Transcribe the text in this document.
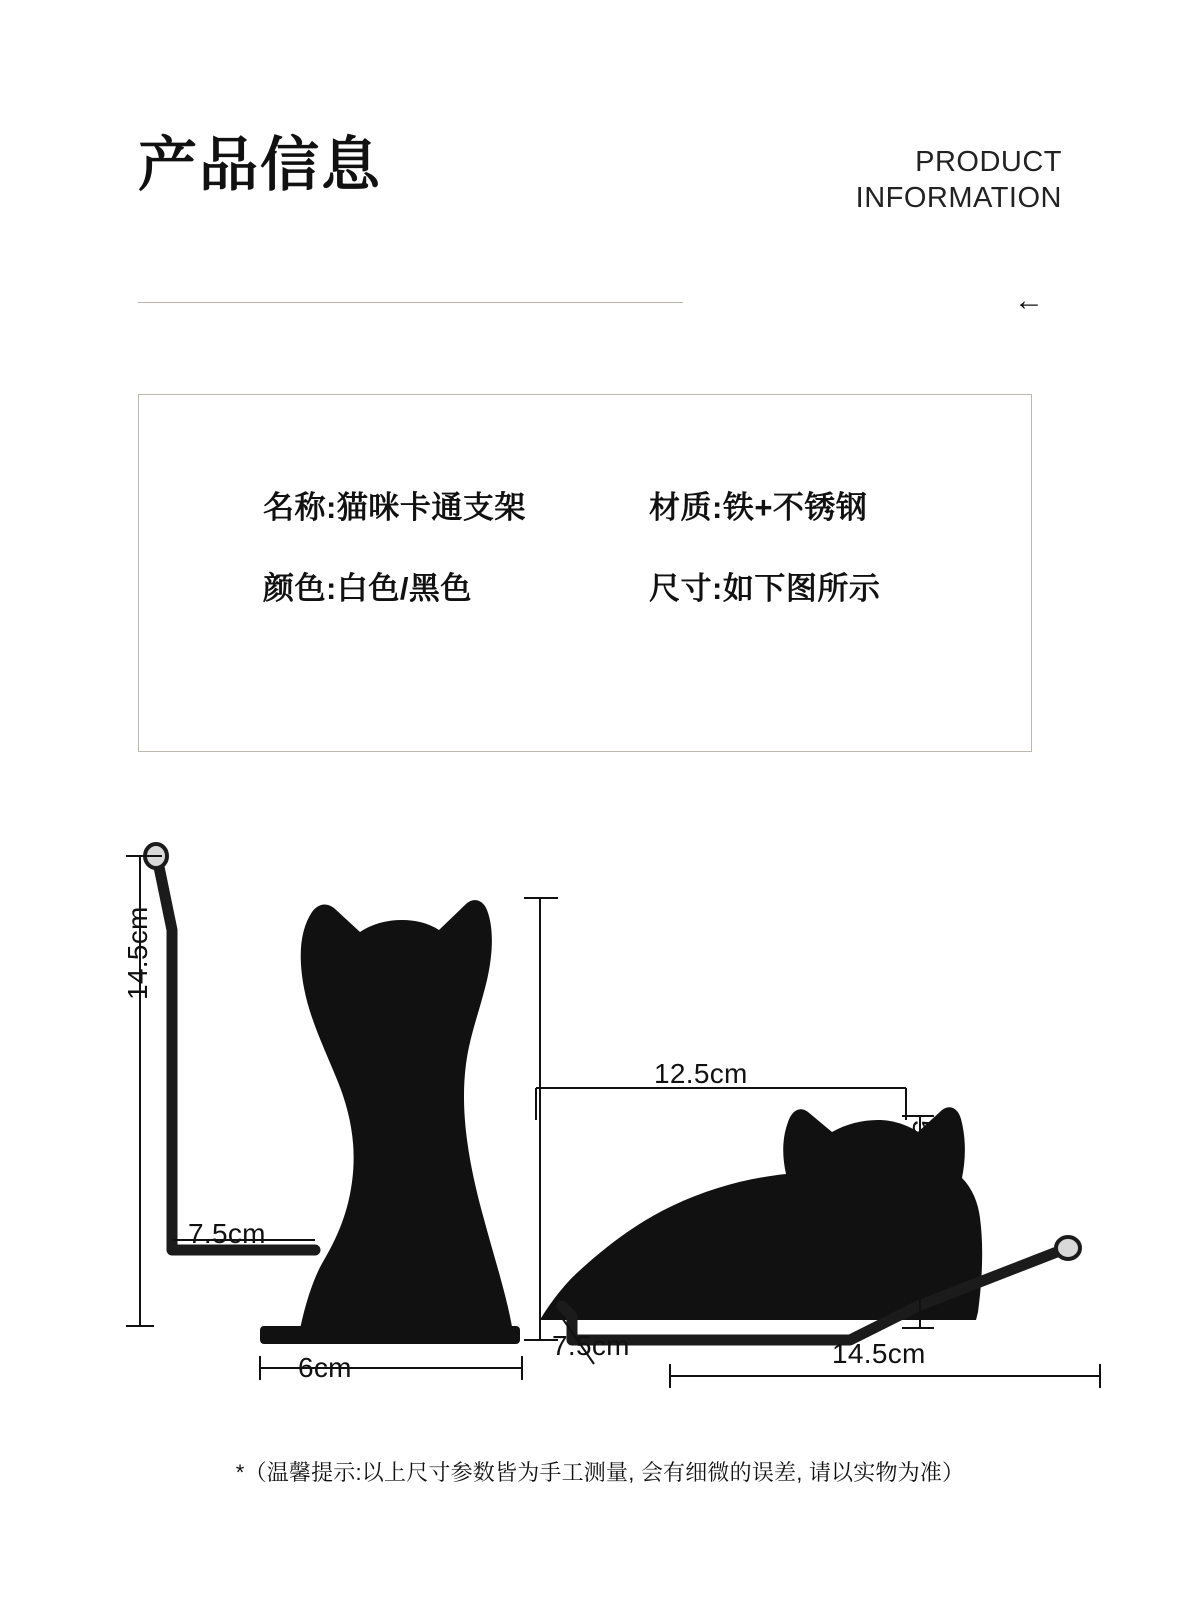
产品信息	PRODUCT
INFORMATION
←
名称:猫咪卡通支架	材质:铁+不锈钢
颜色:白色/黑色	尺寸:如下图所示
14.5cm
14.5cm
7.5cm
6cm
12.5cm
5.5cm
7.5cm	14.5cm
*（温馨提示:以上尺寸参数皆为手工测量, 会有细微的误差, 请以实物为准）
